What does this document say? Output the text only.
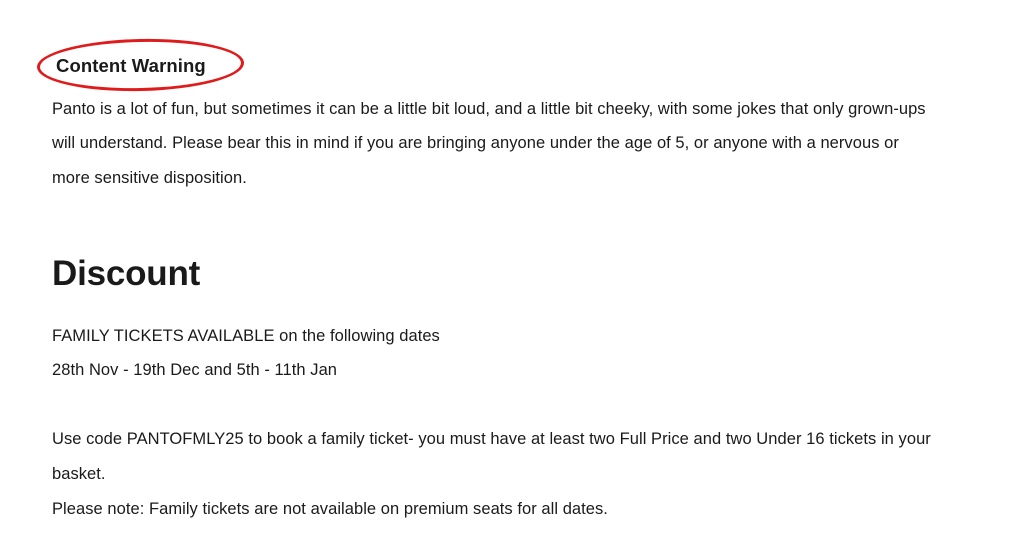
Content Warning

Panto is a lot of fun, but sometimes it can be a little bit loud, and a little bit cheeky, with some jokes that only grown-ups will understand. Please bear this in mind if you are bringing anyone under the age of 5, or anyone with a nervous or more sensitive disposition.

Discount

FAMILY TICKETS AVAILABLE on the following dates

28th Nov - 19th Dec and 5th - 11th Jan

Use code PANTOFMLY25 to book a family ticket- you must have at least two Full Price and two Under 16 tickets in your basket.

Please note: Family tickets are not available on premium seats for all dates.
